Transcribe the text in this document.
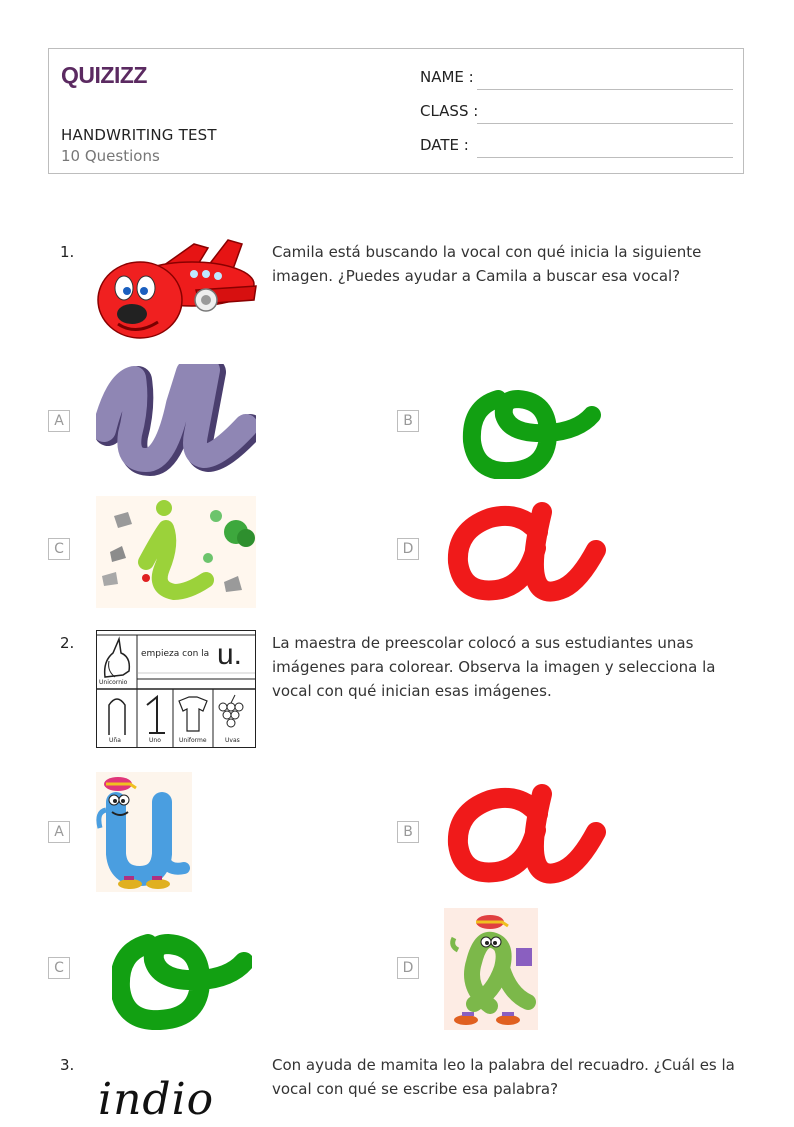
QUIZIZZ
HANDWRITING TEST
10 Questions
NAME :
CLASS :
DATE :
1.	Camila está buscando la vocal con qué inicia la siguiente imagen. ¿Puedes ayudar a Camila a buscar esa vocal?
A	B
C	D
2.
empieza con la u.
Unicornio
Uña	Uno	Uniforme	Uvas
La maestra de preescolar colocó a sus estudiantes unas imágenes para colorear. Observa la imagen y selecciona la vocal con qué inician esas imágenes.
A	B
C	D
3.
indio
Con ayuda de mamita leo la palabra del recuadro. ¿Cuál es la vocal con qué se escribe esa palabra?
